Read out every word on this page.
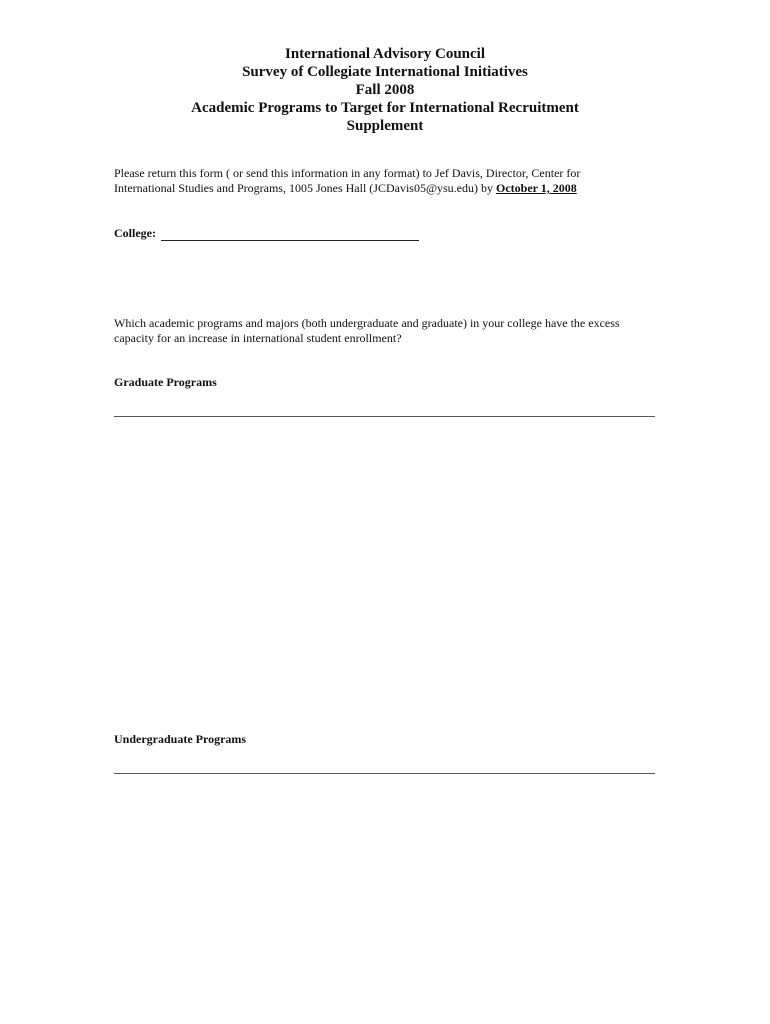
International Advisory Council
Survey of Collegiate International Initiatives
Fall 2008
Academic Programs to Target for International Recruitment
Supplement
Please return this form ( or send this information in any format) to Jef Davis, Director, Center for
International Studies and Programs, 1005 Jones Hall (JCDavis05@ysu.edu) by October 1, 2008
College:
Which academic programs and majors (both undergraduate and graduate) in your college have the excess
capacity for an increase in international student enrollment?
Graduate Programs
Undergraduate Programs
